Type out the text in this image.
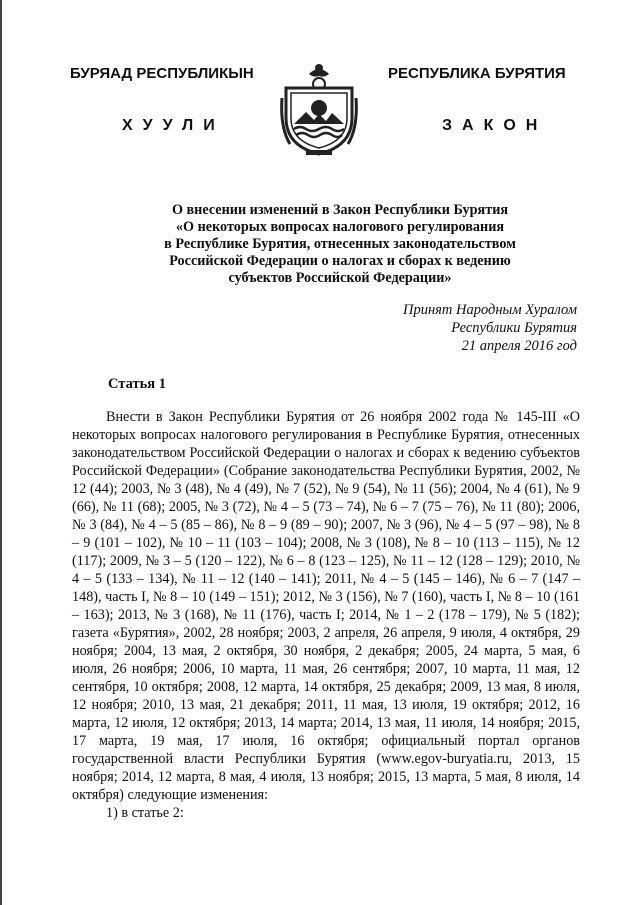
БУРЯАД РЕСПУБЛИКЫН	РЕСПУБЛИКА БУРЯТИЯ
ХУУЛИ	ЗАКОН
О внесении изменений в Закон Республики Бурятия
«О некоторых вопросах налогового регулирования
в Республике Бурятия, отнесенных законодательством
Российской Федерации о налогах и сборах к ведению
субъектов Российской Федерации»
Принят Народным Хуралом
Республики Бурятия
21 апреля 2016 год
Статья 1

Внести в Закон Республики Бурятия от 26 ноября 2002 года № 145-III «О некоторых вопросах налогового регулирования в Республике Бурятия, отнесенных законодательством Российской Федерации о налогах и сборах к ведению субъектов Российской Федерации» (Собрание законодательства Республики Бурятия, 2002, № 12 (44); 2003, № 3 (48), № 4 (49), № 7 (52), № 9 (54), № 11 (56); 2004, № 4 (61), № 9 (66), № 11 (68); 2005, № 3 (72), № 4 – 5 (73 – 74), № 6 – 7 (75 – 76), № 11 (80); 2006, № 3 (84), № 4 – 5 (85 – 86), № 8 – 9 (89 – 90); 2007, № 3 (96), № 4 – 5 (97 – 98), № 8 – 9 (101 – 102), № 10 – 11 (103 – 104); 2008, № 3 (108), № 8 – 10 (113 – 115), № 12 (117); 2009, № 3 – 5 (120 – 122), № 6 – 8 (123 – 125), № 11 – 12 (128 – 129); 2010, № 4 – 5 (133 – 134), № 11 – 12 (140 – 141); 2011, № 4 – 5 (145 – 146), № 6 – 7 (147 – 148), часть I, № 8 – 10 (149 – 151); 2012, № 3 (156), № 7 (160), часть I, № 8 – 10 (161 – 163); 2013, № 3 (168), № 11 (176), часть I; 2014, № 1 – 2 (178 – 179), № 5 (182); газета «Бурятия», 2002, 28 ноября; 2003, 2 апреля, 26 апреля, 9 июля, 4 октября, 29 ноября; 2004, 13 мая, 2 октября, 30 ноября, 2 декабря; 2005, 24 марта, 5 мая, 6 июля, 26 ноября; 2006, 10 марта, 11 мая, 26 сентября; 2007, 10 марта, 11 мая, 12 сентября, 10 октября; 2008, 12 марта, 14 октября, 25 декабря; 2009, 13 мая, 8 июля, 12 ноября; 2010, 13 мая, 21 декабря; 2011, 11 мая, 13 июля, 19 октября; 2012, 16 марта, 12 июля, 12 октября; 2013, 14 марта; 2014, 13 мая, 11 июля, 14 ноября; 2015, 17 марта, 19 мая, 17 июля, 16 октября; официальный портал органов государственной власти Республики Бурятия (www.egov-buryatia.ru, 2013, 15 ноября; 2014, 12 марта, 8 мая, 4 июля, 13 ноября; 2015, 13 марта, 5 мая, 8 июля, 14 октября) следующие изменения:

1) в статье 2:
